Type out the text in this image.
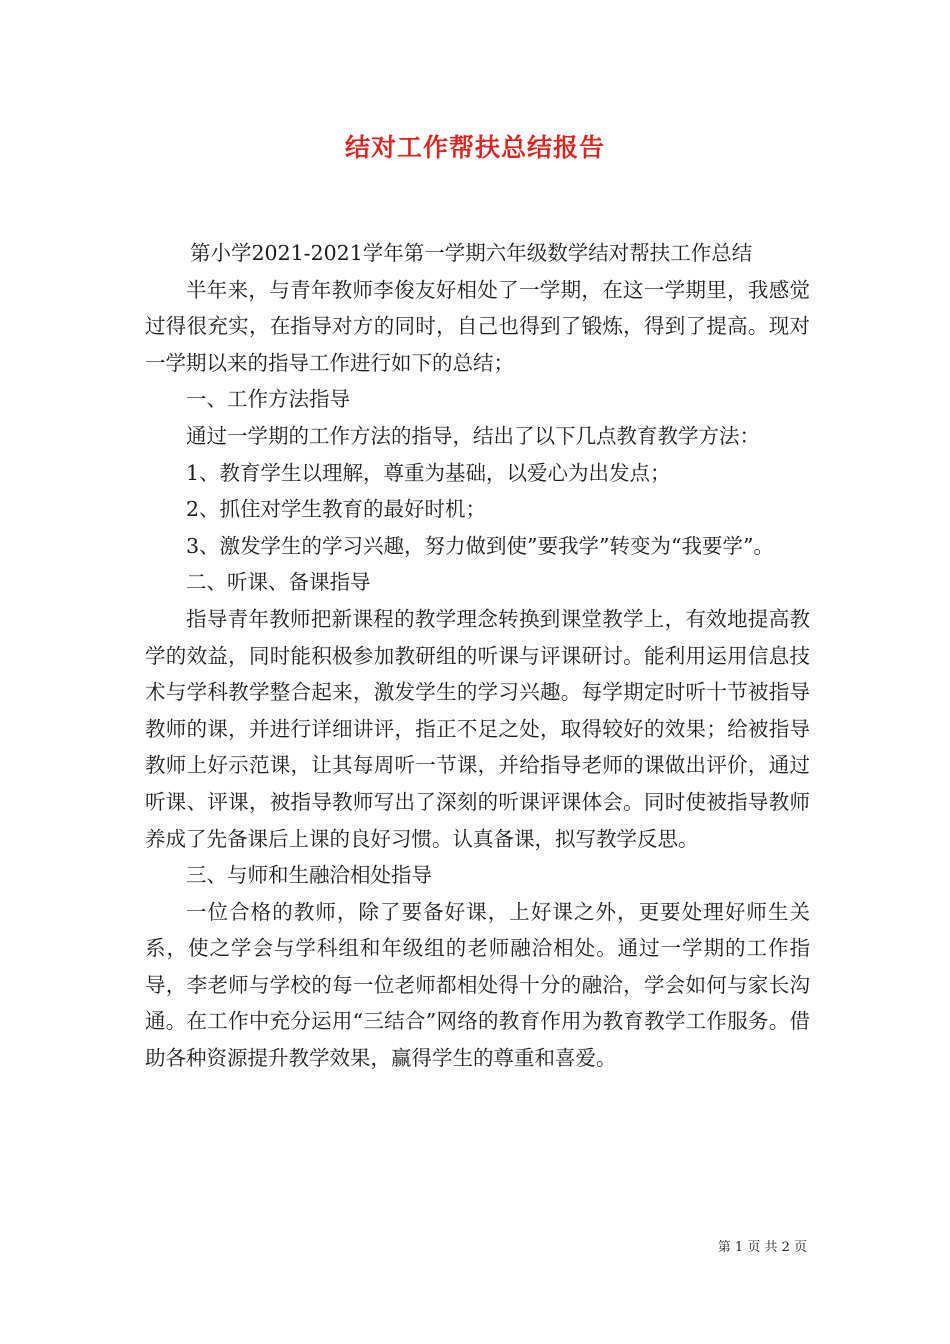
结对工作帮扶总结报告

第小学2021-2021学年第一学期六年级数学结对帮扶工作总结

半年来，与青年教师李俊友好相处了一学期，在这一学期里，我感觉过得很充实，在指导对方的同时，自己也得到了锻炼，得到了提高。现对一学期以来的指导工作进行如下的总结；

一、工作方法指导

通过一学期的工作方法的指导，结出了以下几点教育教学方法：

1、教育学生以理解，尊重为基础，以爱心为出发点；

2、抓住对学生教育的最好时机；

3、激发学生的学习兴趣，努力做到使”要我学”转变为“我要学”。

二、听课、备课指导

指导青年教师把新课程的教学理念转换到课堂教学上，有效地提高教学的效益，同时能积极参加教研组的听课与评课研讨。能利用运用信息技术与学科教学整合起来，激发学生的学习兴趣。每学期定时听十节被指导教师的课，并进行详细讲评，指正不足之处，取得较好的效果；给被指导教师上好示范课，让其每周听一节课，并给指导老师的课做出评价，通过听课、评课，被指导教师写出了深刻的听课评课体会。同时使被指导教师养成了先备课后上课的良好习惯。认真备课，拟写教学反思。

三、与师和生融洽相处指导

一位合格的教师，除了要备好课，上好课之外，更要处理好师生关系，使之学会与学科组和年级组的老师融洽相处。通过一学期的工作指导，李老师与学校的每一位老师都相处得十分的融洽，学会如何与家长沟通。在工作中充分运用“三结合”网络的教育作用为教育教学工作服务。借助各种资源提升教学效果，赢得学生的尊重和喜爱。

第 1 页 共 2 页
